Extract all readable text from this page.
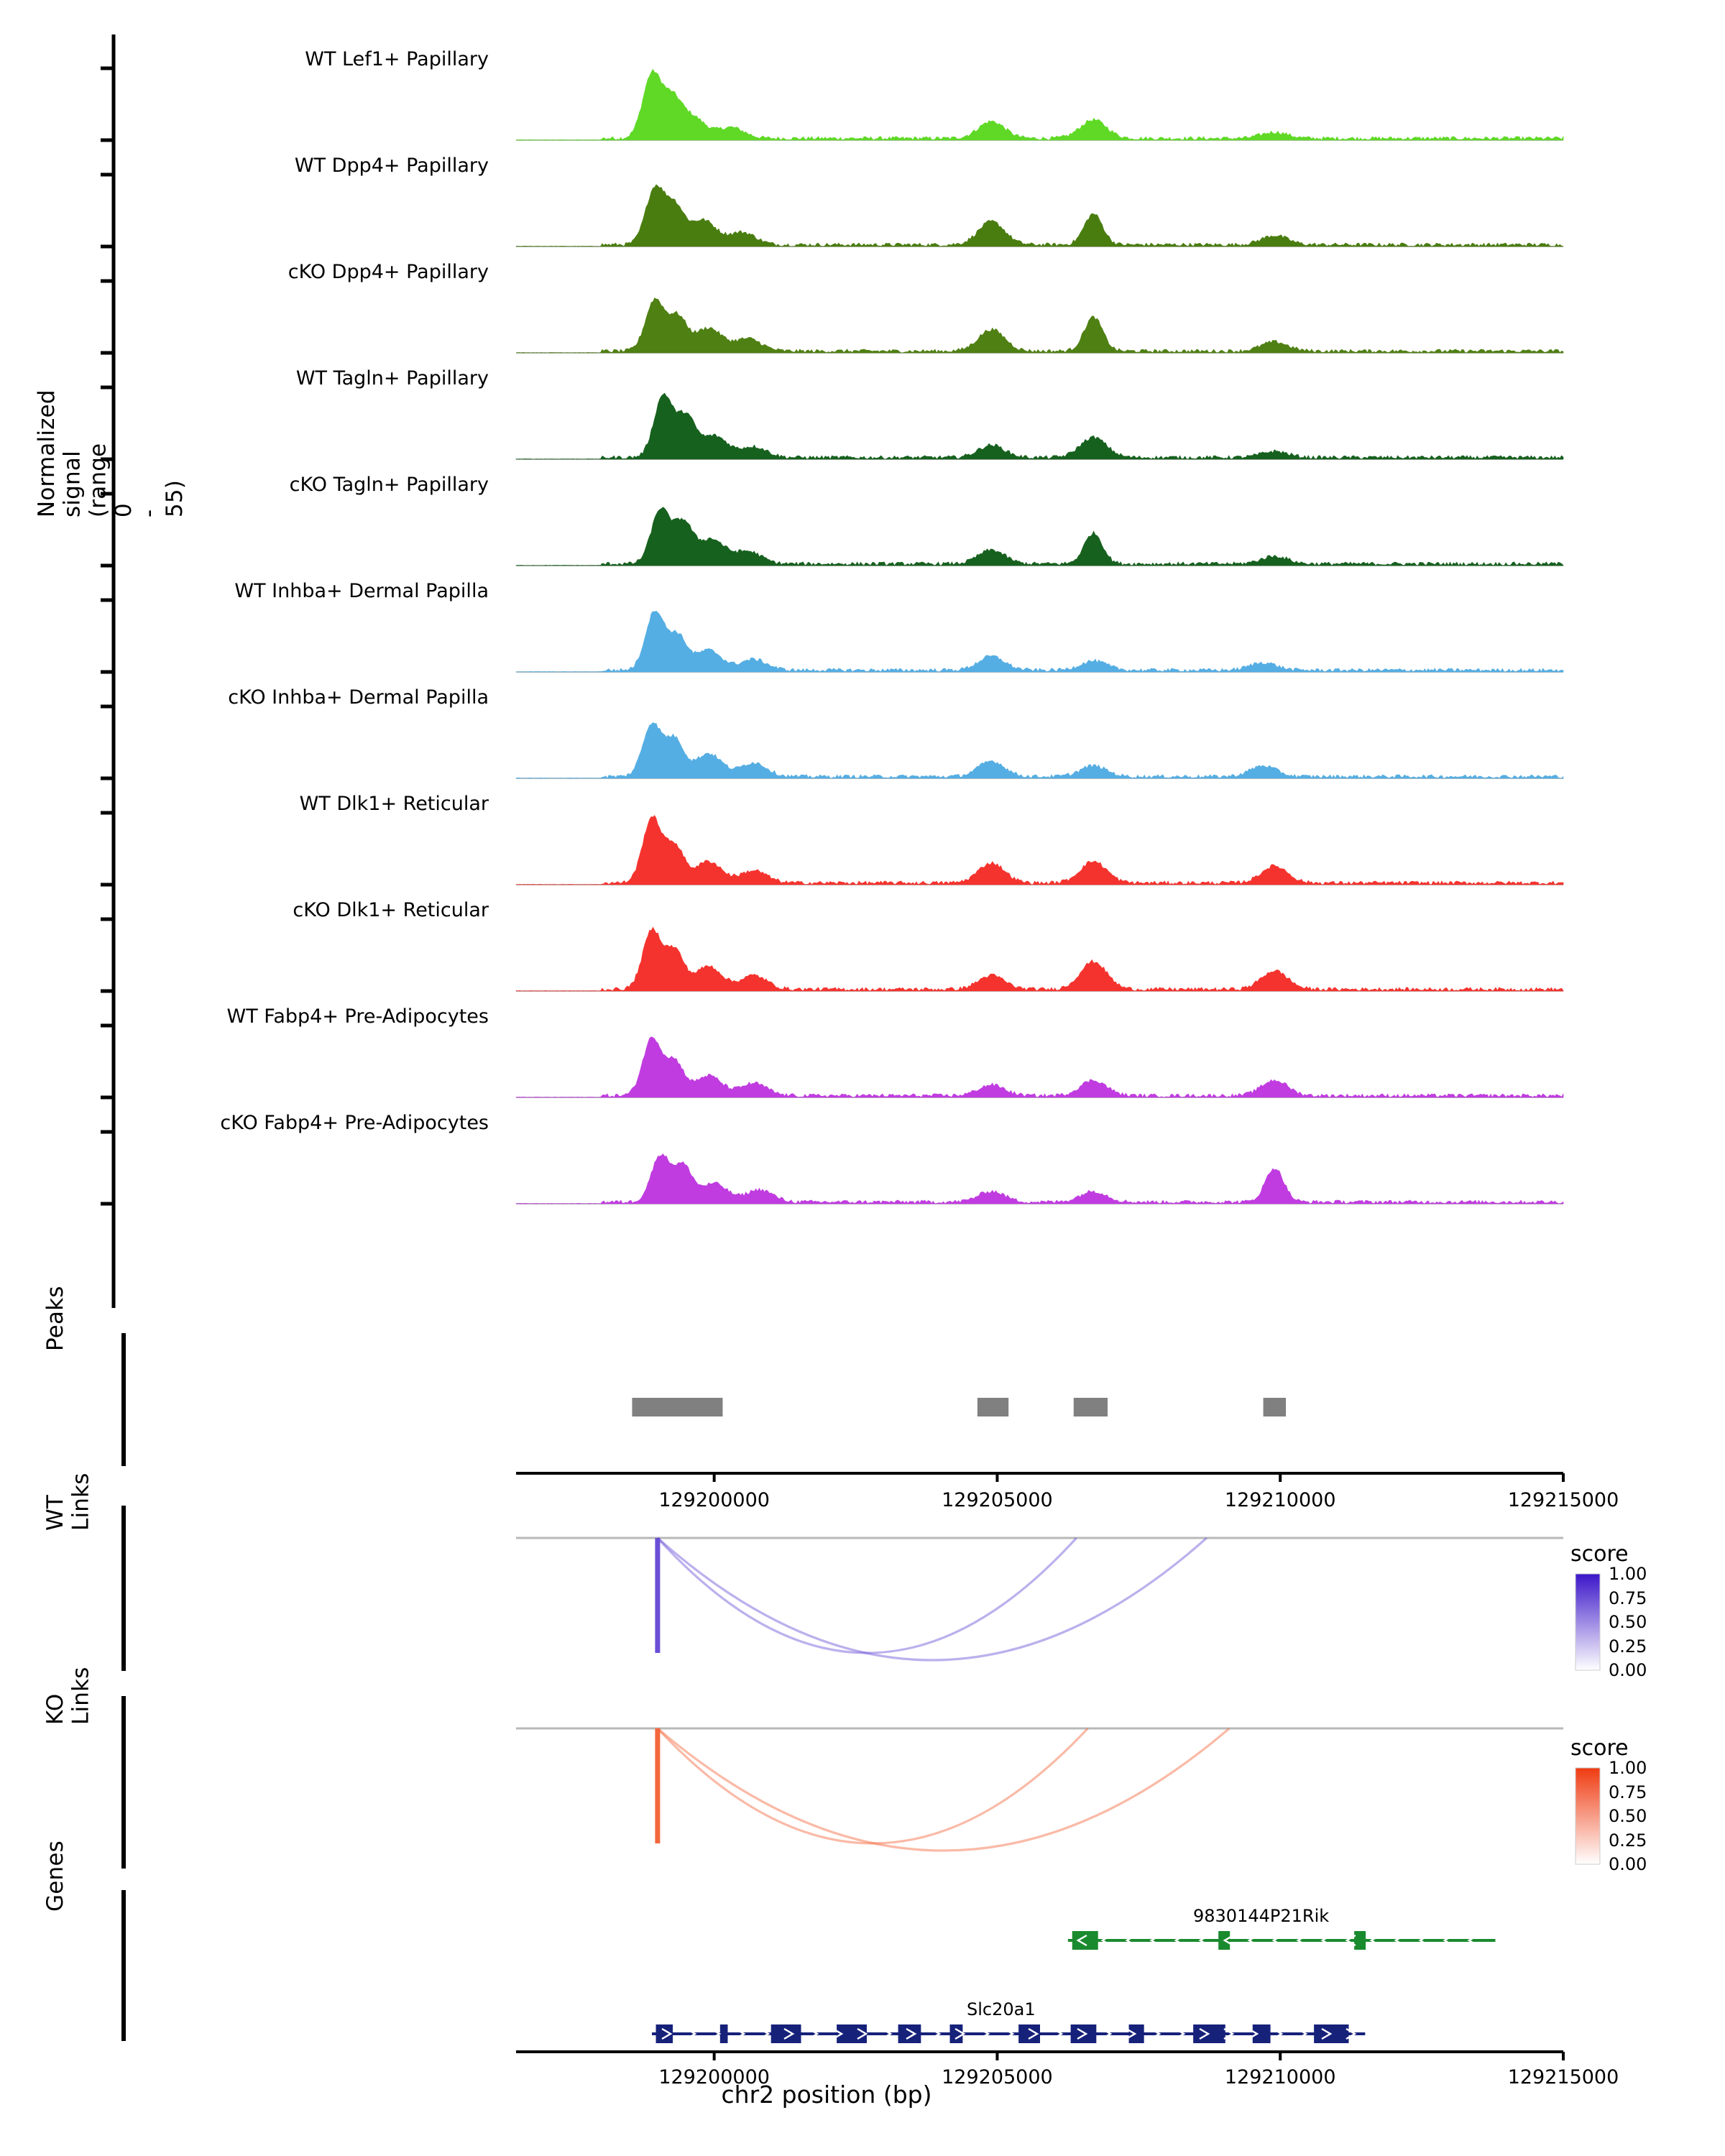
Normalized signal
(range 0 - 55)
Peaks
WT Links
KO Links
Genes
WT Lef1+ Papillary
WT Dpp4+ Papillary
cKO Dpp4+ Papillary
WT Tagln+ Papillary
cKO Tagln+ Papillary
WT Inhba+ Dermal Papilla
cKO Inhba+ Dermal Papilla
WT Dlk1+ Reticular
cKO Dlk1+ Reticular
WT Fabp4+ Pre-Adipocytes
cKO Fabp4+ Pre-Adipocytes
129200000	129205000	129210000	129215000
129200000	129205000	129210000	129215000
chr2 position (bp)
score
1.00
0.75
0.50
0.25
0.00
score
1.00
0.75
0.50
0.25
0.00
9830144P21Rik
Slc20a1
